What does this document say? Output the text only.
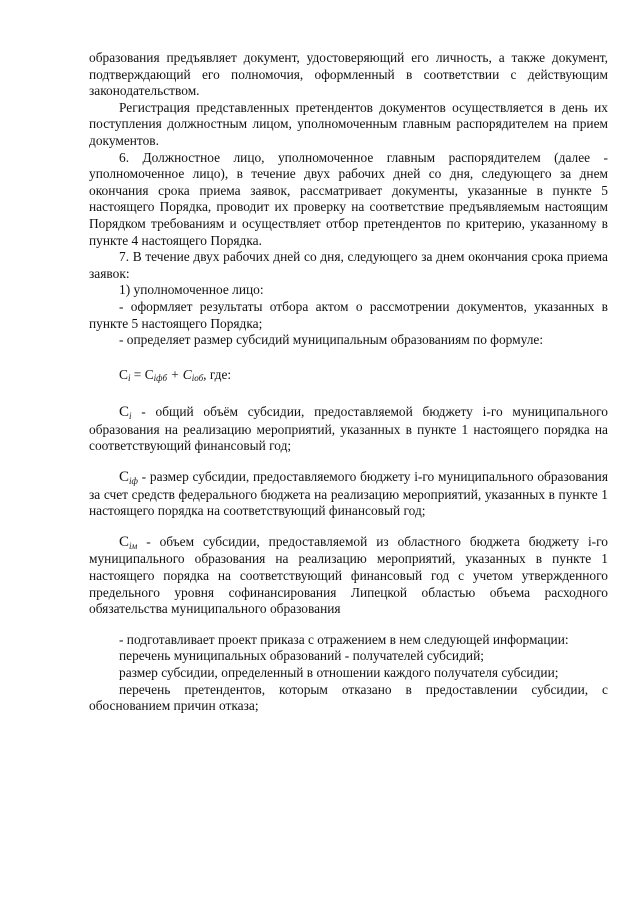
образования предъявляет документ, удостоверяющий его личность, а также документ, подтверждающий его полномочия, оформленный в соответствии с действующим законодательством.

Регистрация представленных претендентов документов осуществляется в день их поступления должностным лицом, уполномоченным главным распорядителем на прием документов.

6. Должностное лицо, уполномоченное главным распорядителем (далее - уполномоченное лицо), в течение двух рабочих дней со дня, следующего за днем окончания срока приема заявок, рассматривает документы, указанные в пункте 5 настоящего Порядка, проводит их проверку на соответствие предъявляемым настоящим Порядком требованиям и осуществляет отбор претендентов по критерию, указанному в пункте 4 настоящего Порядка.

7. В течение двух рабочих дней со дня, следующего за днем окончания срока приема заявок:

1) уполномоченное лицо:

- оформляет результаты отбора актом о рассмотрении документов, указанных в пункте 5 настоящего Порядка;

- определяет размер субсидий муниципальным образованиям по формуле:

$C_i = C_{iфб} + C_{iоб}$, где:

$C_i$ - общий объём субсидии, предоставляемой бюджету i-го муниципального образования на реализацию мероприятий, указанных в пункте 1 настоящего порядка на соответствующий финансовый год;

$C_{iф}$ - размер субсидии, предоставляемого бюджету i-го муниципального образования за счет средств федерального бюджета на реализацию мероприятий, указанных в пункте 1 настоящего порядка на соответствующий финансовый год;

$C_{iм}$ - объем субсидии, предоставляемой из областного бюджета бюджету i-го муниципального образования на реализацию мероприятий, указанных в пункте 1 настоящего порядка на соответствующий финансовый год с учетом утвержденного предельного уровня софинансирования Липецкой областью объема расходного обязательства муниципального образования

- подготавливает проект приказа с отражением в нем следующей информации:

перечень муниципальных образований - получателей субсидий;

размер субсидии, определенный в отношении каждого получателя субсидии;

перечень претендентов, которым отказано в предоставлении субсидии, с обоснованием причин отказа;
